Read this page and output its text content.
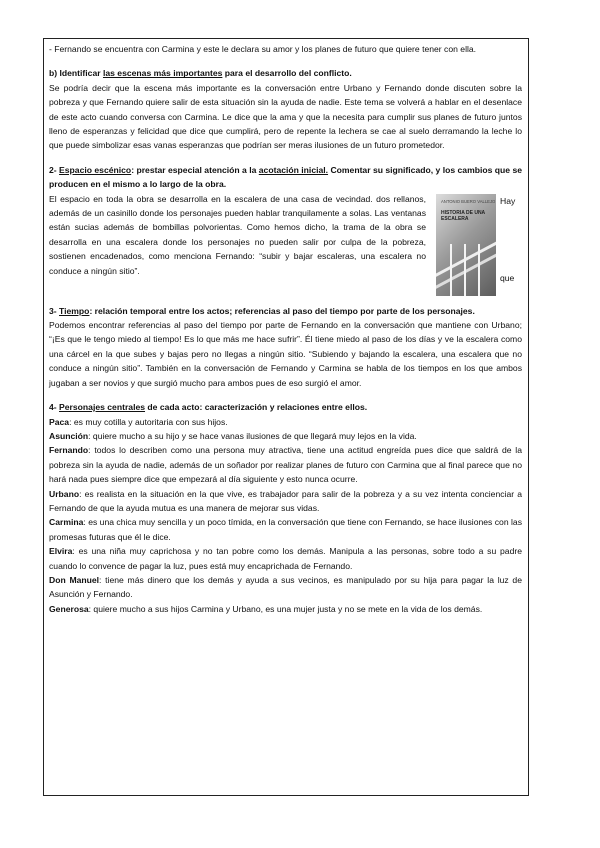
- Fernando se encuentra con Carmina y este le declara su amor y los planes de futuro que quiere tener con ella.

b) Identificar las escenas más importantes para el desarrollo del conflicto.

Se podría decir que la escena más importante es la conversación entre Urbano y Fernando donde discuten sobre la pobreza y que Fernando quiere salir de esta situación sin la ayuda de nadie. Este tema se volverá a hablar en el desenlace de este acto cuando conversa con Carmina. Le dice que la ama y que la necesita para cumplir sus planes de futuro juntos lleno de esperanzas y felicidad que dice que cumplirá, pero de repente la lechera se cae al suelo derramando la leche lo que puede simbolizar esas vanas esperanzas que podrían ser meras ilusiones de un futuro prometedor.

2- Espacio escénico: prestar especial atención a la acotación inicial. Comentar su significado, y los cambios que se producen en el mismo a lo largo de la obra.

El espacio en toda la obra se desarrolla en la escalera de una casa de vecindad. dos rellanos, además de un casinillo donde los personajes pueden hablar tranquilamente a solas. Las ventanas están sucias además de bombillas polvorientas. Como hemos dicho, la trama de la obra se desarrolla en una escalera donde los personajes no pueden salir por culpa de la pobreza, sostienen encadenados, como menciona Fernando: “subir y bajar escaleras, una escalera no conduce a ningún sitio”.

ANTONIO BUERO VALLEJO
HISTORIA DE UNA ESCALERA
Hay
que

3- Tiempo: relación temporal entre los actos; referencias al paso del tiempo por parte de los personajes.

Podemos encontrar referencias al paso del tiempo por parte de Fernando en la conversación que mantiene con Urbano; “¡Es que le tengo miedo al tiempo! Es lo que más me hace sufrir”. Él tiene miedo al paso de los días y ve la escalera como una cárcel en la que subes y bajas pero no llegas a ningún sitio. “Subiendo y bajando la escalera, una escalera que no conduce a ningún sitio”. También en la conversación de Fernando y Carmina se habla de los tiempos en los que ambos jugaban a ser novios y que surgió mucho para ambos pues de eso surgió el amor.

4- Personajes centrales de cada acto: caracterización y relaciones entre ellos.

Paca: es muy cotilla y autoritaria con sus hijos.

Asunción: quiere mucho a su hijo y se hace vanas ilusiones de que llegará muy lejos en la vida.

Fernando: todos lo describen como una persona muy atractiva, tiene una actitud engreída pues dice que saldrá de la pobreza sin la ayuda de nadie, además de un soñador por realizar planes de futuro con Carmina que al final parece que no hará nada pues siempre dice que empezará al día siguiente y esto nunca ocurre.

Urbano: es realista en la situación en la que vive, es trabajador para salir de la pobreza y a su vez intenta concienciar a Fernando de que la ayuda mutua es una manera de mejorar sus vidas.

Carmina: es una chica muy sencilla y un poco tímida, en la conversación que tiene con Fernando, se hace ilusiones con las promesas futuras que él le dice.

Elvira: es una niña muy caprichosa y no tan pobre como los demás. Manipula a las personas, sobre todo a su padre cuando lo convence de pagar la luz, pues está muy encaprichada de Fernando.

Don Manuel: tiene más dinero que los demás y ayuda a sus vecinos, es manipulado por su hija para pagar la luz de Asunción y Fernando.

Generosa: quiere mucho a sus hijos Carmina y Urbano, es una mujer justa y no se mete en la vida de los demás.
